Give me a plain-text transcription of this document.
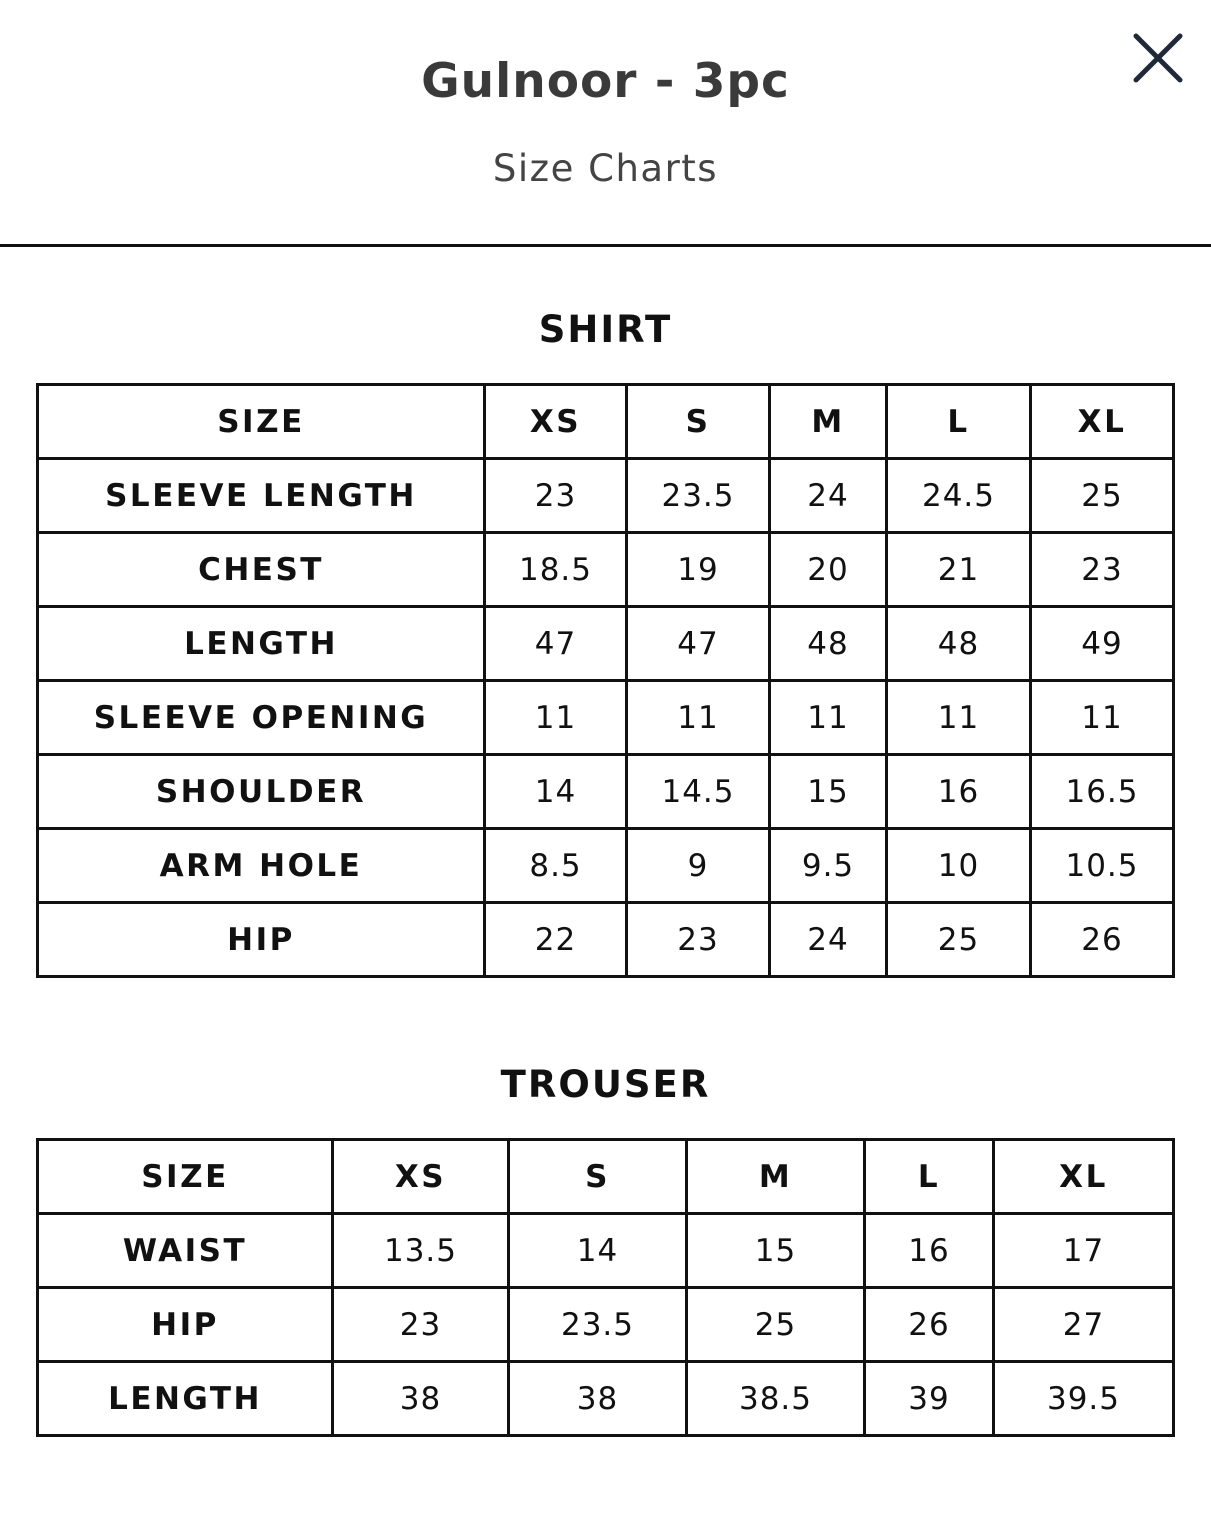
Gulnoor - 3pc
Size Charts
SHIRT
SIZE	XS	S	M	L	XL
SLEEVE LENGTH	23	23.5	24	24.5	25
CHEST	18.5	19	20	21	23
LENGTH	47	47	48	48	49
SLEEVE OPENING	11	11	11	11	11
SHOULDER	14	14.5	15	16	16.5
ARM HOLE	8.5	9	9.5	10	10.5
HIP	22	23	24	25	26
TROUSER
SIZE	XS	S	M	L	XL
WAIST	13.5	14	15	16	17
HIP	23	23.5	25	26	27
LENGTH	38	38	38.5	39	39.5
